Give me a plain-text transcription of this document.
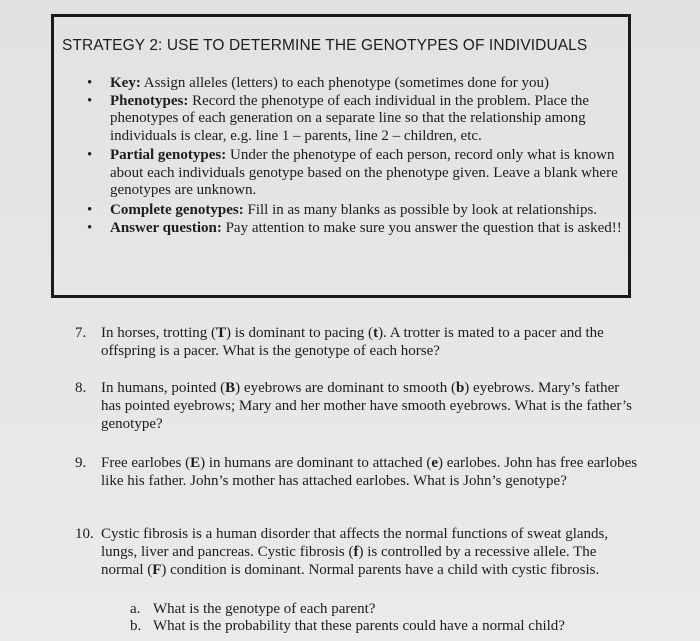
STRATEGY 2: USE TO DETERMINE THE GENOTYPES OF INDIVIDUALS
• Key: Assign alleles (letters) to each phenotype (sometimes done for you)
• Phenotypes: Record the phenotype of each individual in the problem. Place the phenotypes of each generation on a separate line so that the relationship among individuals is clear, e.g. line 1 – parents, line 2 – children, etc.
• Partial genotypes: Under the phenotype of each person, record only what is known about each individuals genotype based on the phenotype given. Leave a blank where genotypes are unknown.
• Complete genotypes: Fill in as many blanks as possible by look at relationships.
• Answer question: Pay attention to make sure you answer the question that is asked!!
7. In horses, trotting (T) is dominant to pacing (t). A trotter is mated to a pacer and the offspring is a pacer. What is the genotype of each horse?
8. In humans, pointed (B) eyebrows are dominant to smooth (b) eyebrows. Mary’s father has pointed eyebrows; Mary and her mother have smooth eyebrows. What is the father’s genotype?
9. Free earlobes (E) in humans are dominant to attached (e) earlobes. John has free earlobes like his father. John’s mother has attached earlobes. What is John’s genotype?
10. Cystic fibrosis is a human disorder that affects the normal functions of sweat glands, lungs, liver and pancreas. Cystic fibrosis (f) is controlled by a recessive allele. The normal (F) condition is dominant. Normal parents have a child with cystic fibrosis.
a. What is the genotype of each parent?
b. What is the probability that these parents could have a normal child?
